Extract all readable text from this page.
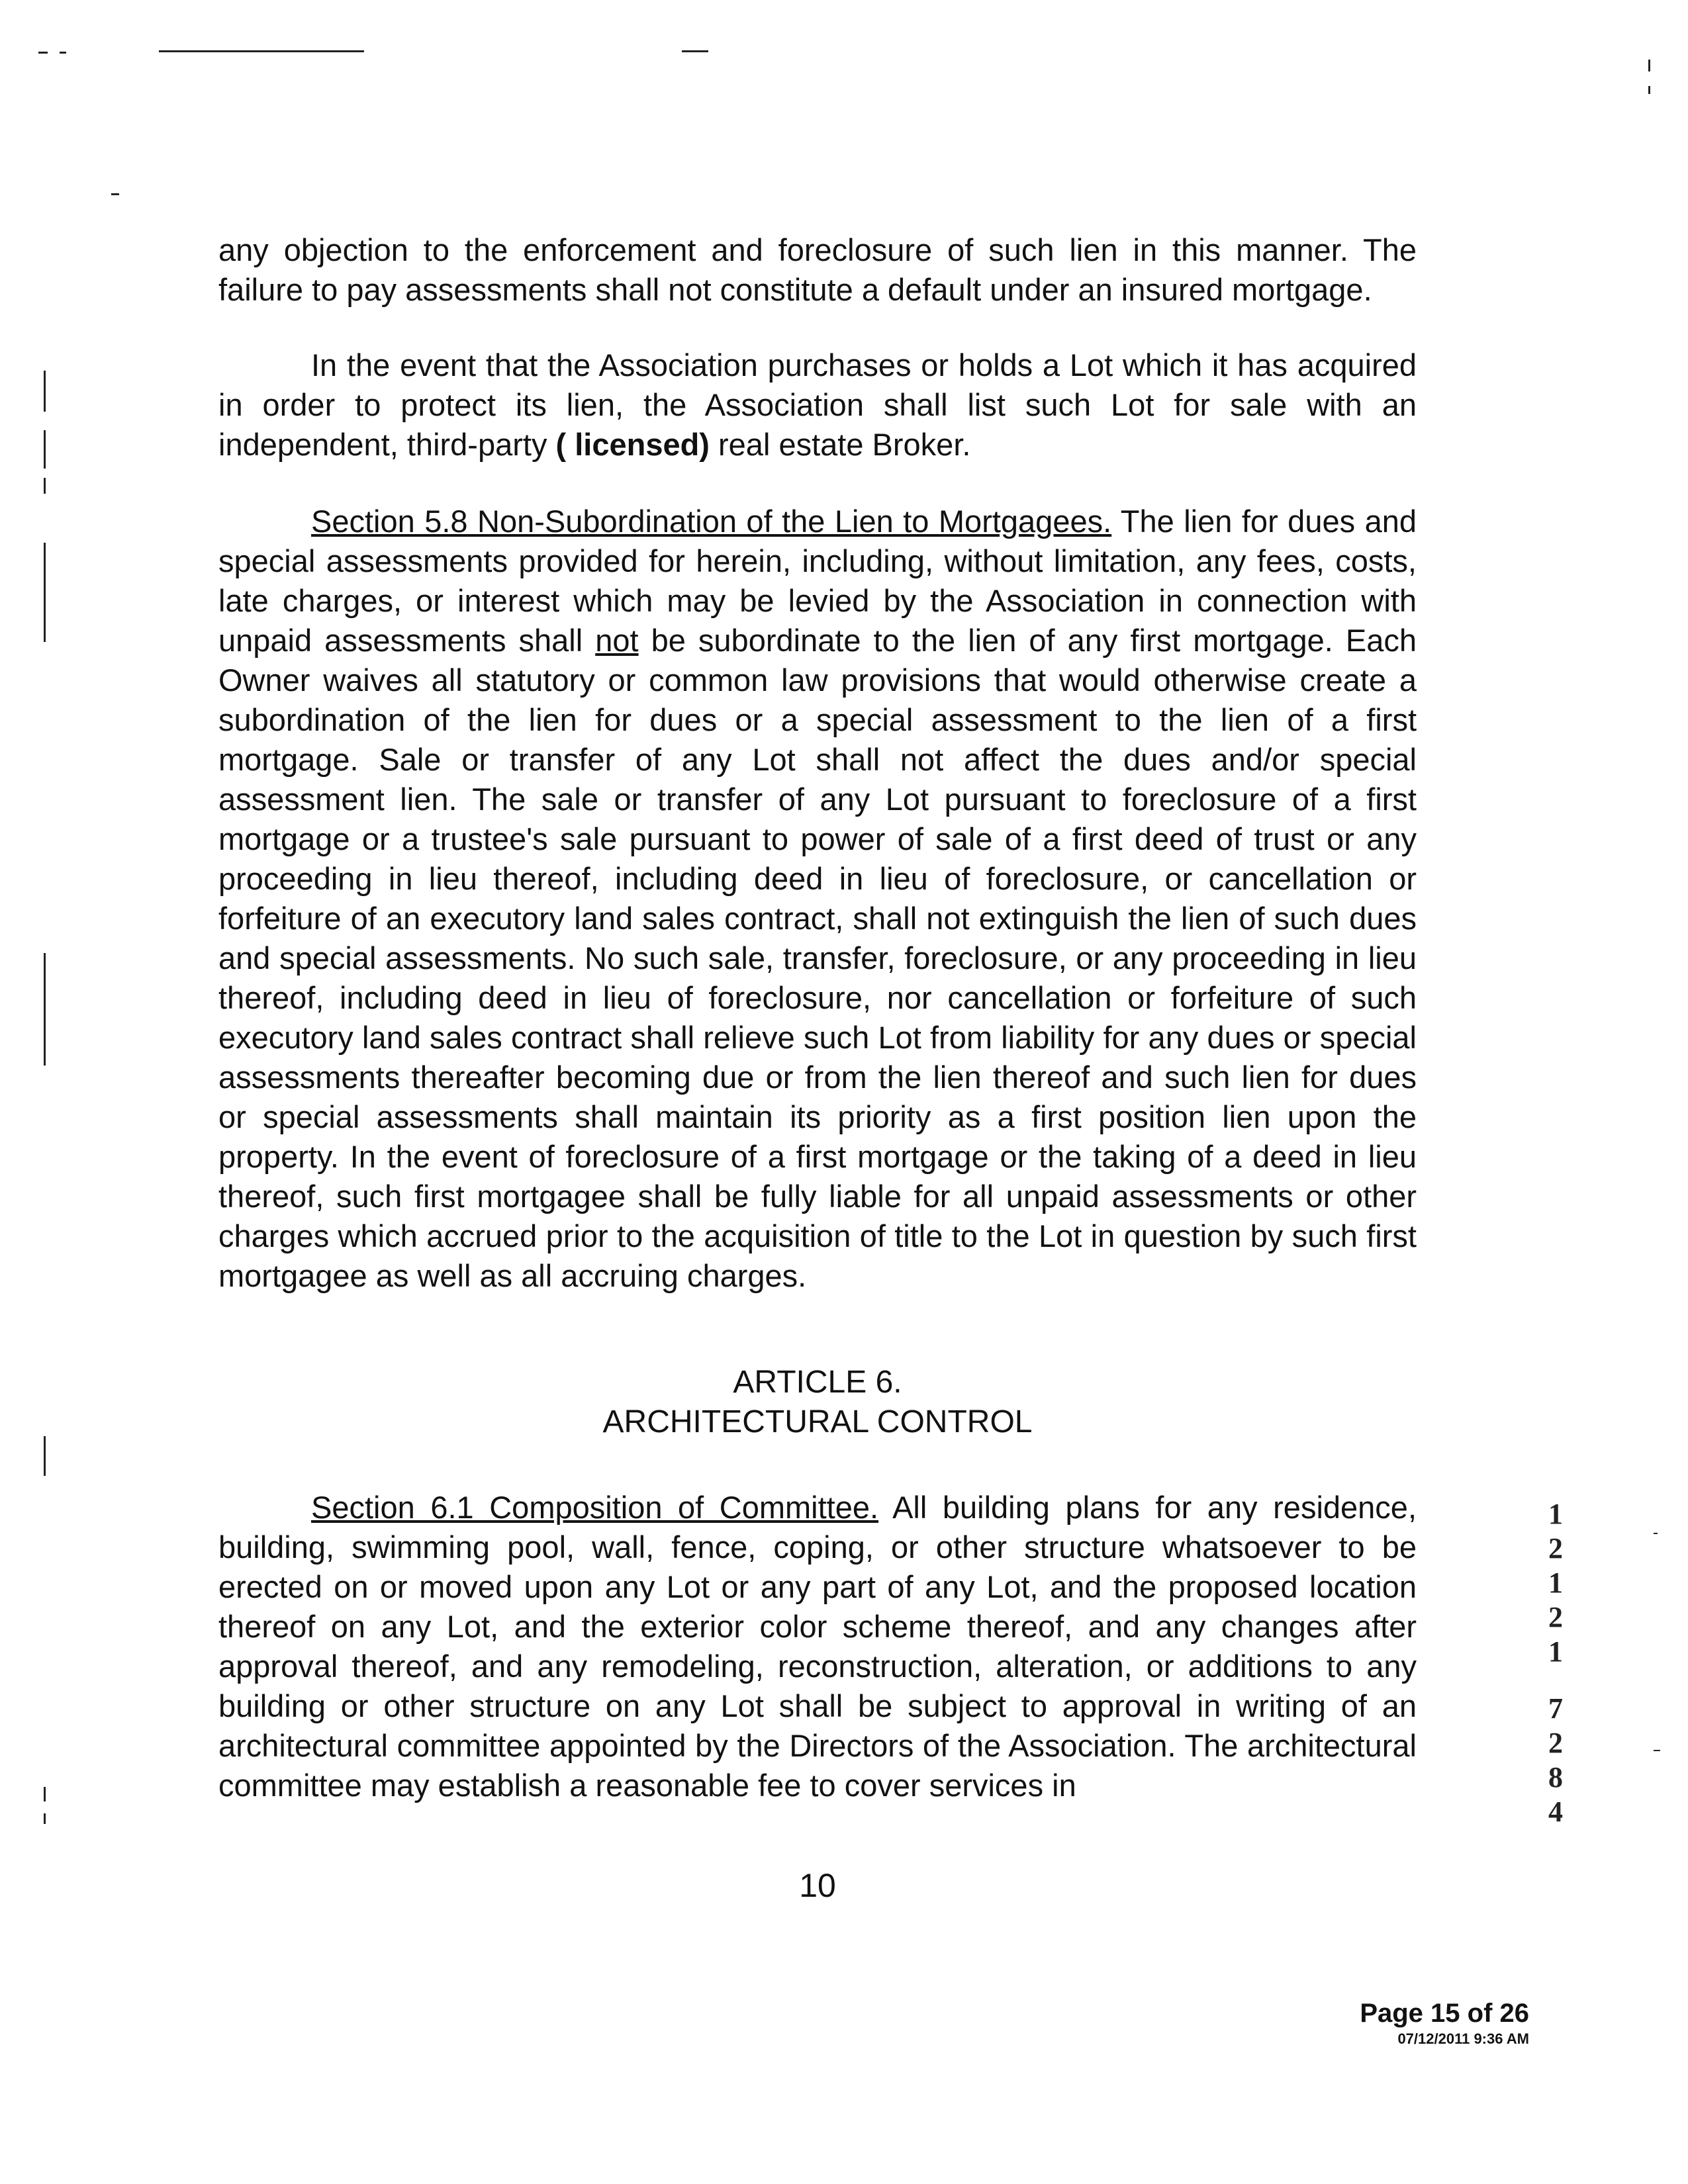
any objection to the enforcement and foreclosure of such lien in this manner. The failure to pay assessments shall not constitute a default under an insured mortgage.

In the event that the Association purchases or holds a Lot which it has acquired in order to protect its lien, the Association shall list such Lot for sale with an independent, third-party ( licensed) real estate Broker.

Section 5.8 Non-Subordination of the Lien to Mortgagees. The lien for dues and special assessments provided for herein, including, without limitation, any fees, costs, late charges, or interest which may be levied by the Association in connection with unpaid assessments shall not be subordinate to the lien of any first mortgage. Each Owner waives all statutory or common law provisions that would otherwise create a subordination of the lien for dues or a special assessment to the lien of a first mortgage. Sale or transfer of any Lot shall not affect the dues and/or special assessment lien. The sale or transfer of any Lot pursuant to foreclosure of a first mortgage or a trustee's sale pursuant to power of sale of a first deed of trust or any proceeding in lieu thereof, including deed in lieu of foreclosure, or cancellation or forfeiture of an executory land sales contract, shall not extinguish the lien of such dues and special assessments. No such sale, transfer, foreclosure, or any proceeding in lieu thereof, including deed in lieu of foreclosure, nor cancellation or forfeiture of such executory land sales contract shall relieve such Lot from liability for any dues or special assessments thereafter becoming due or from the lien thereof and such lien for dues or special assessments shall maintain its priority as a first position lien upon the property. In the event of foreclosure of a first mortgage or the taking of a deed in lieu thereof, such first mortgagee shall be fully liable for all unpaid assessments or other charges which accrued prior to the acquisition of title to the Lot in question by such first mortgagee as well as all accruing charges.

ARTICLE 6.
ARCHITECTURAL CONTROL

Section 6.1 Composition of Committee. All building plans for any residence, building, swimming pool, wall, fence, coping, or other structure whatsoever to be erected on or moved upon any Lot or any part of any Lot, and the proposed location thereof on any Lot, and the exterior color scheme thereof, and any changes after approval thereof, and any remodeling, reconstruction, alteration, or additions to any building or other structure on any Lot shall be subject to approval in writing of an architectural committee appointed by the Directors of the Association. The architectural committee may establish a reasonable fee to cover services in

10
Page 15 of 26
07/12/2011 9:36 AM
1
2
1
2
1
7
2
8
4
